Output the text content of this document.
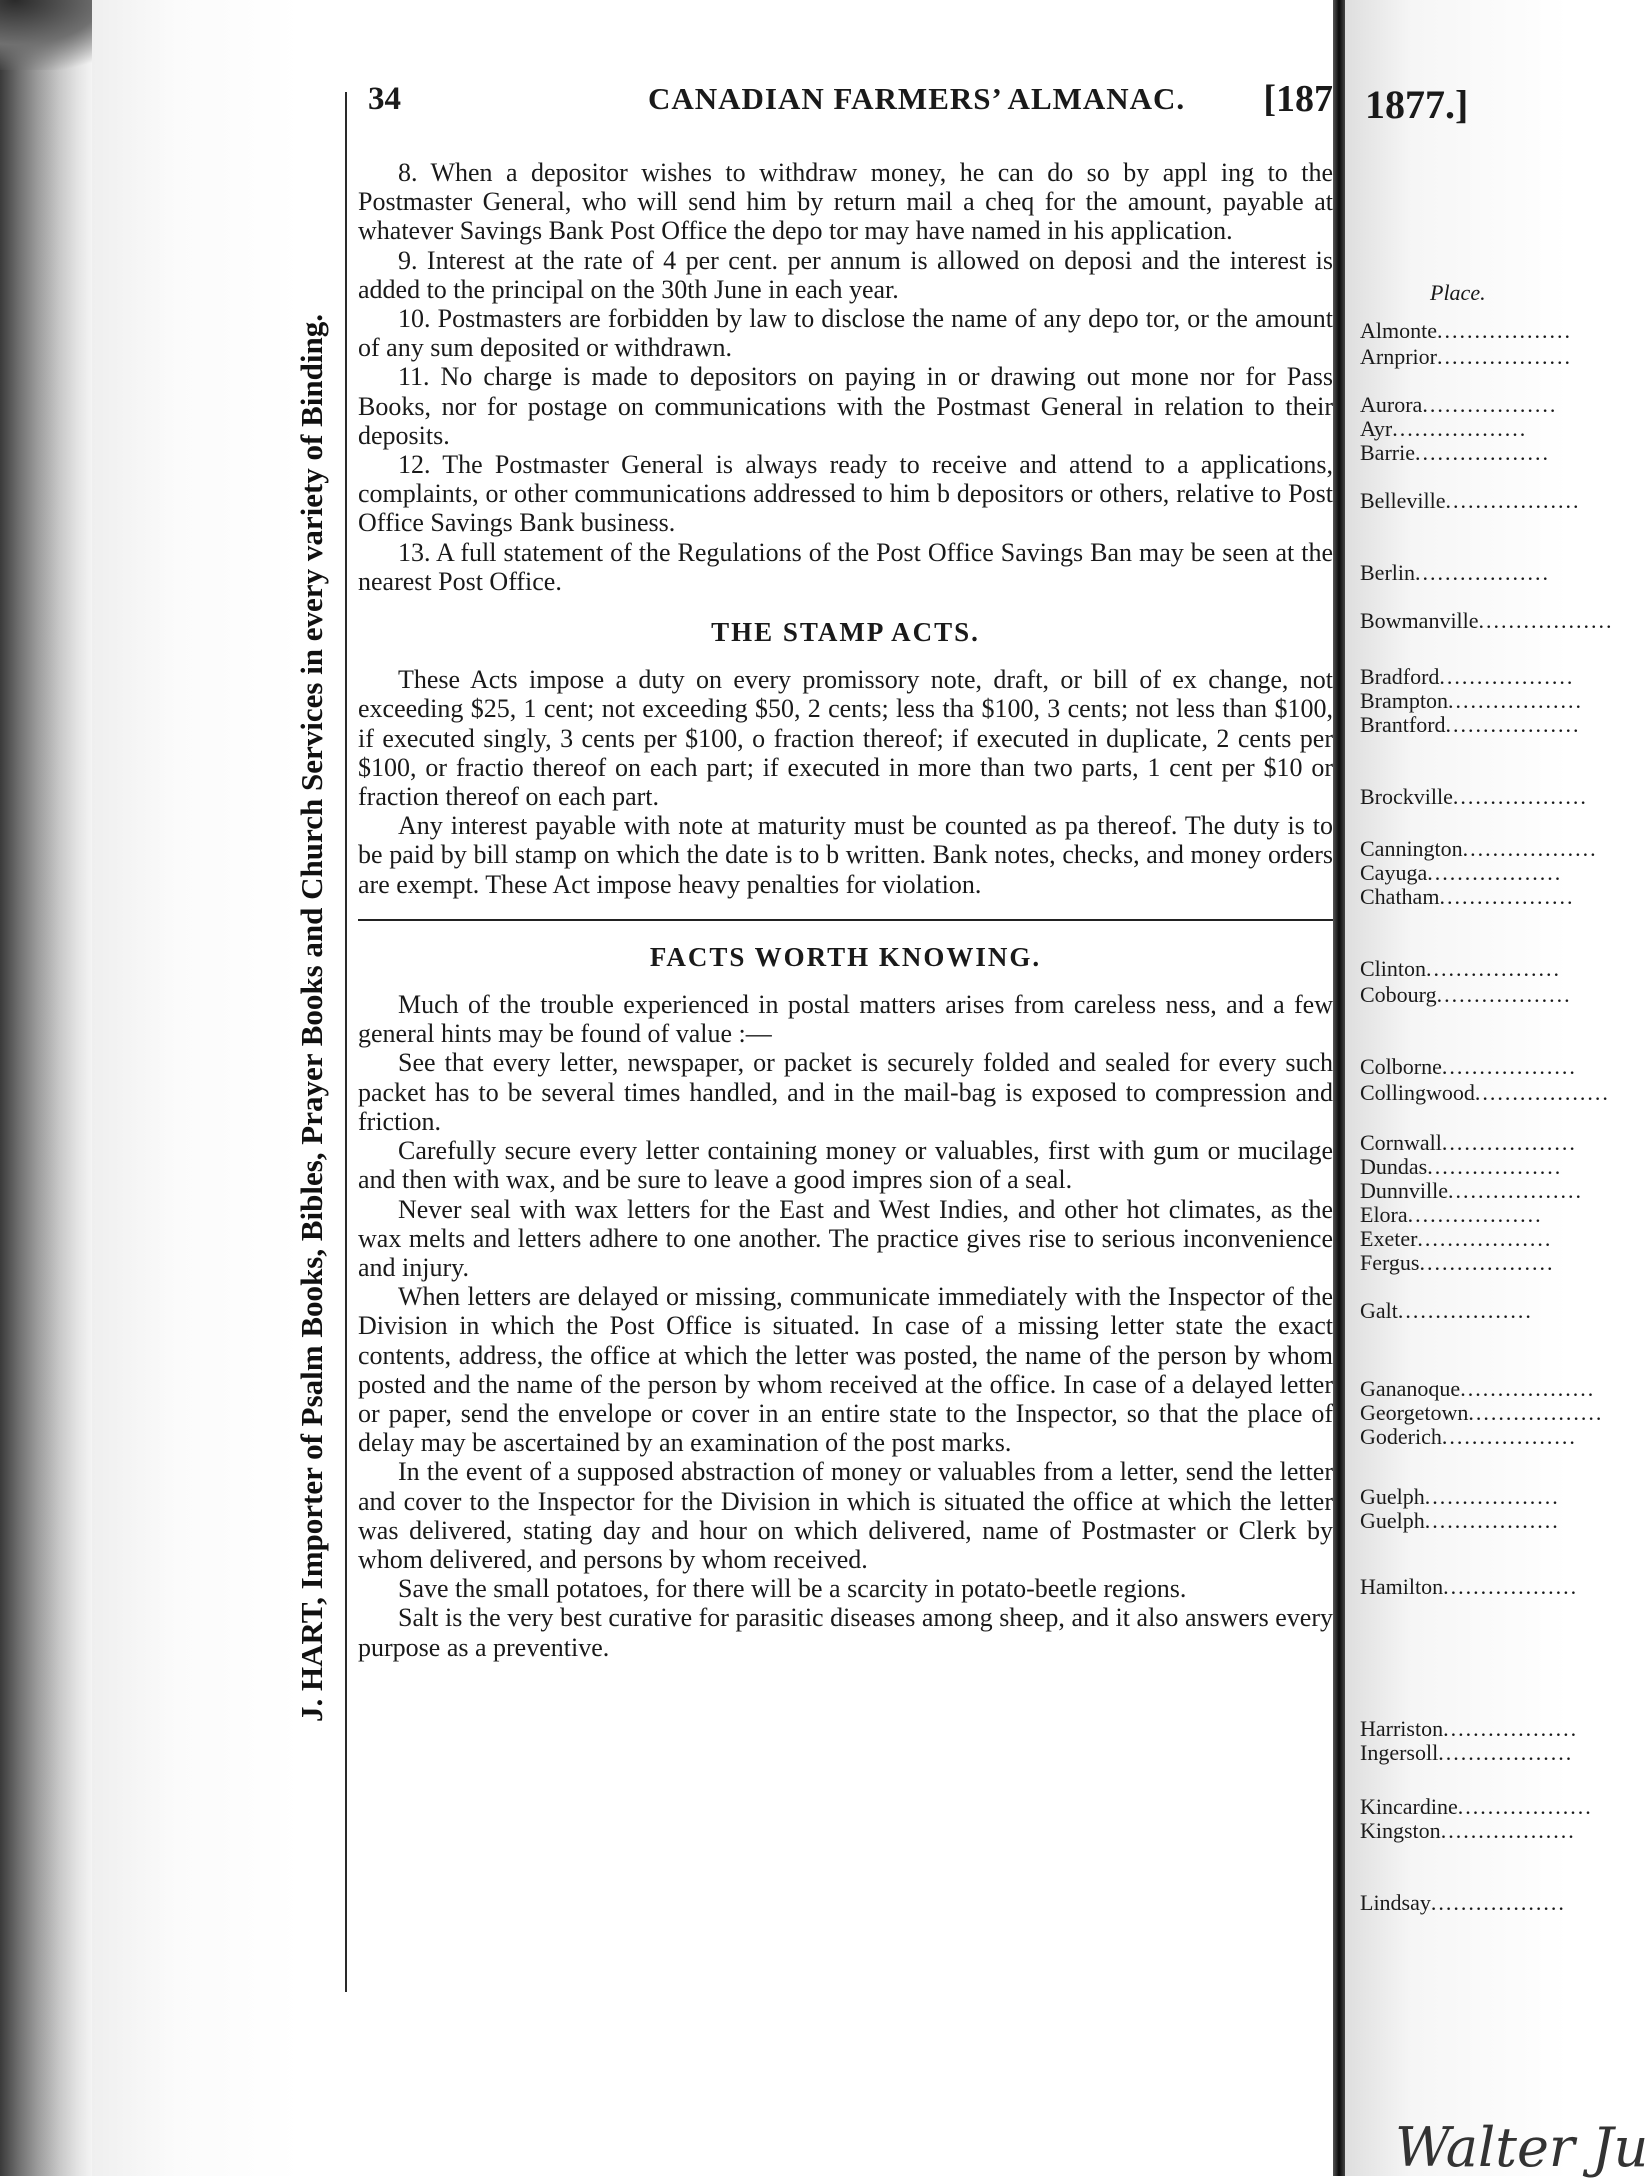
J. HART, Importer of Psalm Books, Bibles, Prayer Books and Church Services in every variety of Binding.
34	CANADIAN FARMERS’ ALMANAC. [187

8. When a depositor wishes to withdraw money, he can do so by appl ing to the Postmaster General, who will send him by return mail a cheq for the amount, payable at whatever Savings Bank Post Office the depo tor may have named in his application.

9. Interest at the rate of 4 per cent. per annum is allowed on deposi and the interest is added to the principal on the 30th June in each year.

10. Postmasters are forbidden by law to disclose the name of any depo tor, or the amount of any sum deposited or withdrawn.

11. No charge is made to depositors on paying in or drawing out mone nor for Pass Books, nor for postage on communications with the Postmast General in relation to their deposits.

12. The Postmaster General is always ready to receive and attend to a applications, complaints, or other communications addressed to him b depositors or others, relative to Post Office Savings Bank business.

13. A full statement of the Regulations of the Post Office Savings Ban may be seen at the nearest Post Office.

THE STAMP ACTS.

These Acts impose a duty on every promissory note, draft, or bill of ex change, not exceeding $25, 1 cent; not exceeding $50, 2 cents; less tha $100, 3 cents; not less than $100, if executed singly, 3 cents per $100, o fraction thereof; if executed in duplicate, 2 cents per $100, or fractio thereof on each part; if executed in more than two parts, 1 cent per $10 or fraction thereof on each part.

Any interest payable with note at maturity must be counted as pa thereof. The duty is to be paid by bill stamp on which the date is to b written. Bank notes, checks, and money orders are exempt. These Act impose heavy penalties for violation.

FACTS WORTH KNOWING.

Much of the trouble experienced in postal matters arises from careless ness, and a few general hints may be found of value :—

See that every letter, newspaper, or packet is securely folded and sealed for every such packet has to be several times handled, and in the mail-bag is exposed to compression and friction.

Carefully secure every letter containing money or valuables, first with gum or mucilage and then with wax, and be sure to leave a good impres sion of a seal.

Never seal with wax letters for the East and West Indies, and other hot climates, as the wax melts and letters adhere to one another. The practice gives rise to serious inconvenience and injury.

When letters are delayed or missing, communicate immediately with the Inspector of the Division in which the Post Office is situated. In case of a missing letter state the exact contents, address, the office at which the letter was posted, the name of the person by whom posted and the name of the person by whom received at the office. In case of a delayed letter or paper, send the envelope or cover in an entire state to the Inspector, so that the place of delay may be ascertained by an examination of the post marks.

In the event of a supposed abstraction of money or valuables from a letter, send the letter and cover to the Inspector for the Division in which is situated the office at which the letter was delivered, stating day and hour on which delivered, name of Postmaster or Clerk by whom delivered, and persons by whom received.

Save the small potatoes, for there will be a scarcity in potato-beetle regions.

Salt is the very best curative for parasitic diseases among sheep, and it also answers every purpose as a preventive.

1877.]
Place.
Almonte..................
Arnprior..................
Aurora..................
Ayr..................
Barrie..................
Belleville..................
Berlin..................
Bowmanville..................
Bradford..................
Brampton..................
Brantford..................
Brockville..................
Cannington..................
Cayuga..................
Chatham..................
Clinton..................
Cobourg..................
Colborne..................
Collingwood..................
Cornwall..................
Dundas..................
Dunnville..................
Elora..................
Exeter..................
Fergus..................
Galt..................
Gananoque..................
Georgetown..................
Goderich..................
Guelph..................
Guelph..................
Hamilton..................
Harriston..................
Ingersoll..................
Kincardine..................
Kingston..................
Lindsay..................
Walter Ju
